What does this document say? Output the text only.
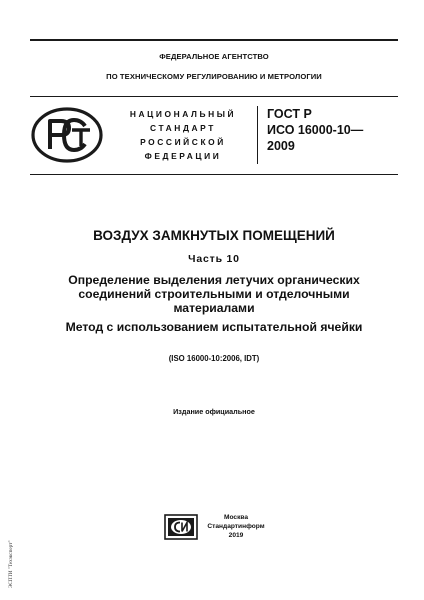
ФЕДЕРАЛЬНОЕ АГЕНТСТВО
ПО ТЕХНИЧЕСКОМУ РЕГУЛИРОВАНИЮ И МЕТРОЛОГИИ
НАЦИОНАЛЬНЫЙ
СТАНДАРТ
РОССИЙСКОЙ
ФЕДЕРАЦИИ
ГОСТ Р
ИСО 16000-10—
2009
ВОЗДУХ ЗАМКНУТЫХ ПОМЕЩЕНИЙ
Часть 10
Определение выделения летучих органических
соединений строительными и отделочными
материалами
Метод с использованием испытательной ячейки
(ISO 16000-10:2006, IDT)
Издание официальное
Москва
Стандартинформ
2019
ЭСПТИ "Техэксперт"
